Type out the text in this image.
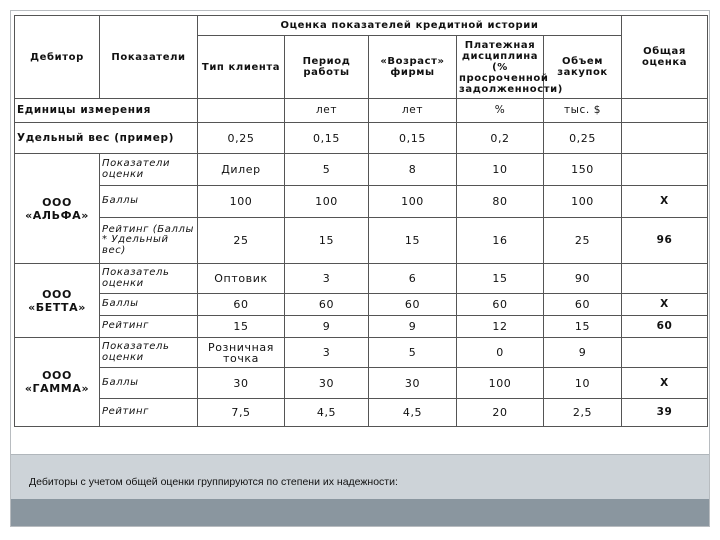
Дебитор	Показатели	Оценка показателей кредитной истории					Общая оценка
		Тип клиента	Период работы	«Возраст» фирмы	Платежная дисциплина (% просроченной задолженности)	Объем закупок	
Единицы измерения			лет	лет	%	тыс. $	
Удельный вес (пример)		0,25	0,15	0,15	0,2	0,25	
ООО «АЛЬФА»	Показатели оценки	Дилер	5	8	10	150	
	Баллы	100	100	100	80	100	Х
	Рейтинг (Баллы * Удельный вес)	25	15	15	16	25	96
ООО «БЕТТА»	Показатель оценки	Оптовик	3	6	15	90	
	Баллы	60	60	60	60	60	Х
	Рейтинг	15	9	9	12	15	60
ООО «ГАММА»	Показатель оценки	Розничная точка	3	5	0	9	
	Баллы	30	30	30	100	10	Х
	Рейтинг	7,5	4,5	4,5	20	2,5	39
Дебиторы с учетом общей оценки группируются по степени их надежности:
